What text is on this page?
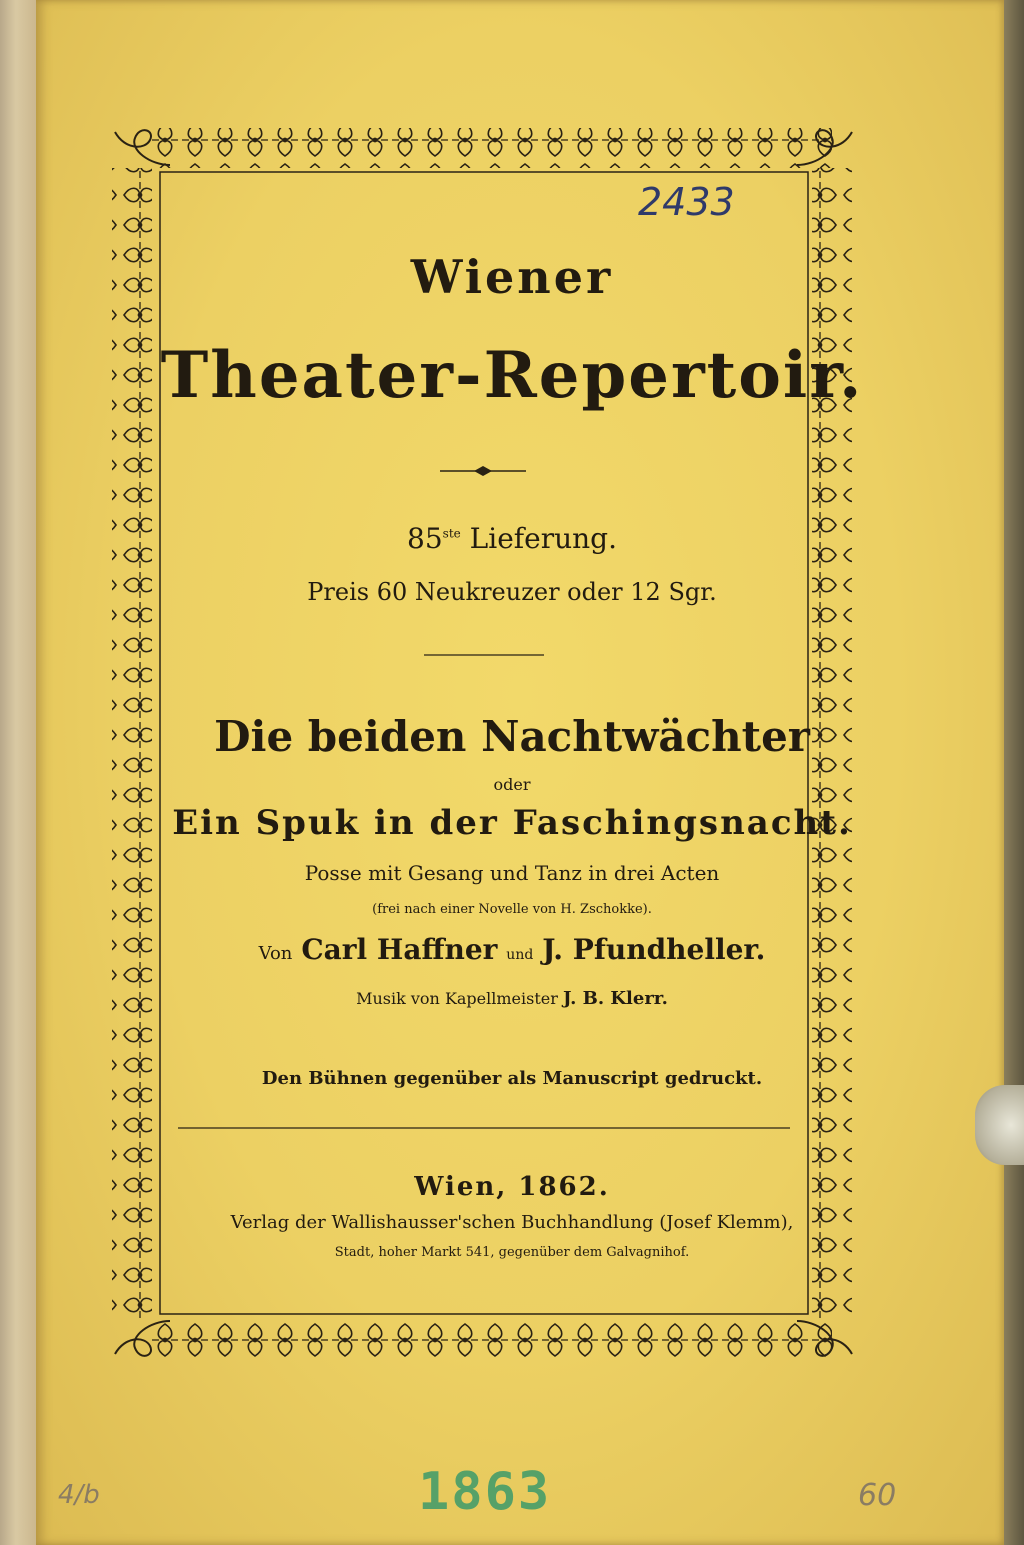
Wiener

Theater-Repertoir.

85ste Lieferung.

Preis 60 Neukreuzer oder 12 Sgr.

Die beiden Nachtwächter

oder

Ein Spuk in der Faschingsnacht.

Posse mit Gesang und Tanz in drei Acten

(frei nach einer Novelle von H. Zschokke).

Von Carl Haffner und J. Pfundheller.

Musik von Kapellmeister J. B. Klerr.

Den Bühnen gegenüber als Manuscript gedruckt.

Wien, 1862.

Verlag der Wallishausser'schen Buchhandlung (Josef Klemm),

Stadt, hoher Markt 541, gegenüber dem Galvagnihof.

2433
1863
4/b	60
